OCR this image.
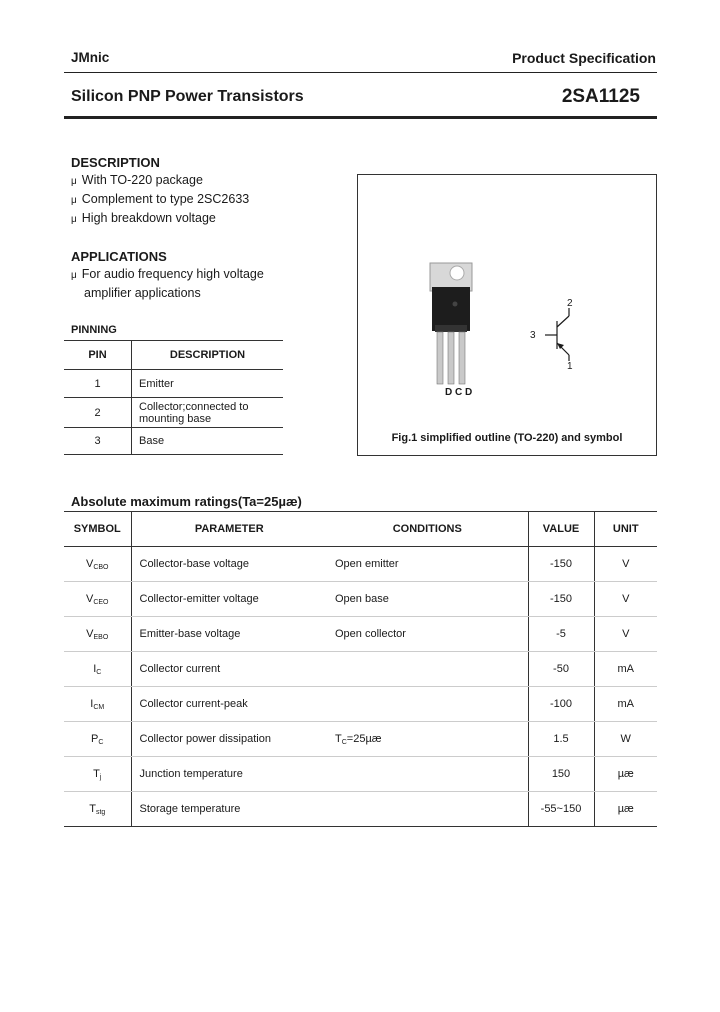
JMnic	Product Specification
Silicon PNP Power Transistors	2SA1125
DESCRIPTION
μ With TO-220 package
μ Complement to type 2SC2633
μ High breakdown voltage
APPLICATIONS
μ For audio frequency high voltage
amplifier applications
PINNING
PIN	DESCRIPTION
1	Emitter
2	Collector;connected to mounting base
3	Base
D C D
2
3
1
Fig.1 simplified outline (TO-220) and symbol
Absolute maximum ratings(Ta=25µæ)
SYMBOL	PARAMETER	CONDITIONS	VALUE	UNIT
$V_{CBO}$	Collector-base voltage	Open emitter	-150	V
$V_{CEO}$	Collector-emitter voltage	Open base	-150	V
$V_{EBO}$	Emitter-base voltage	Open collector	-5	V
$I_C$	Collector current		-50	mA
$I_{CM}$	Collector current-peak		-100	mA
$P_C$	Collector power dissipation	$T_C=25\mu æ$	1.5	W
$T_j$	Junction temperature		150	µæ
$T_{stg}$	Storage temperature		-55~150	µæ
